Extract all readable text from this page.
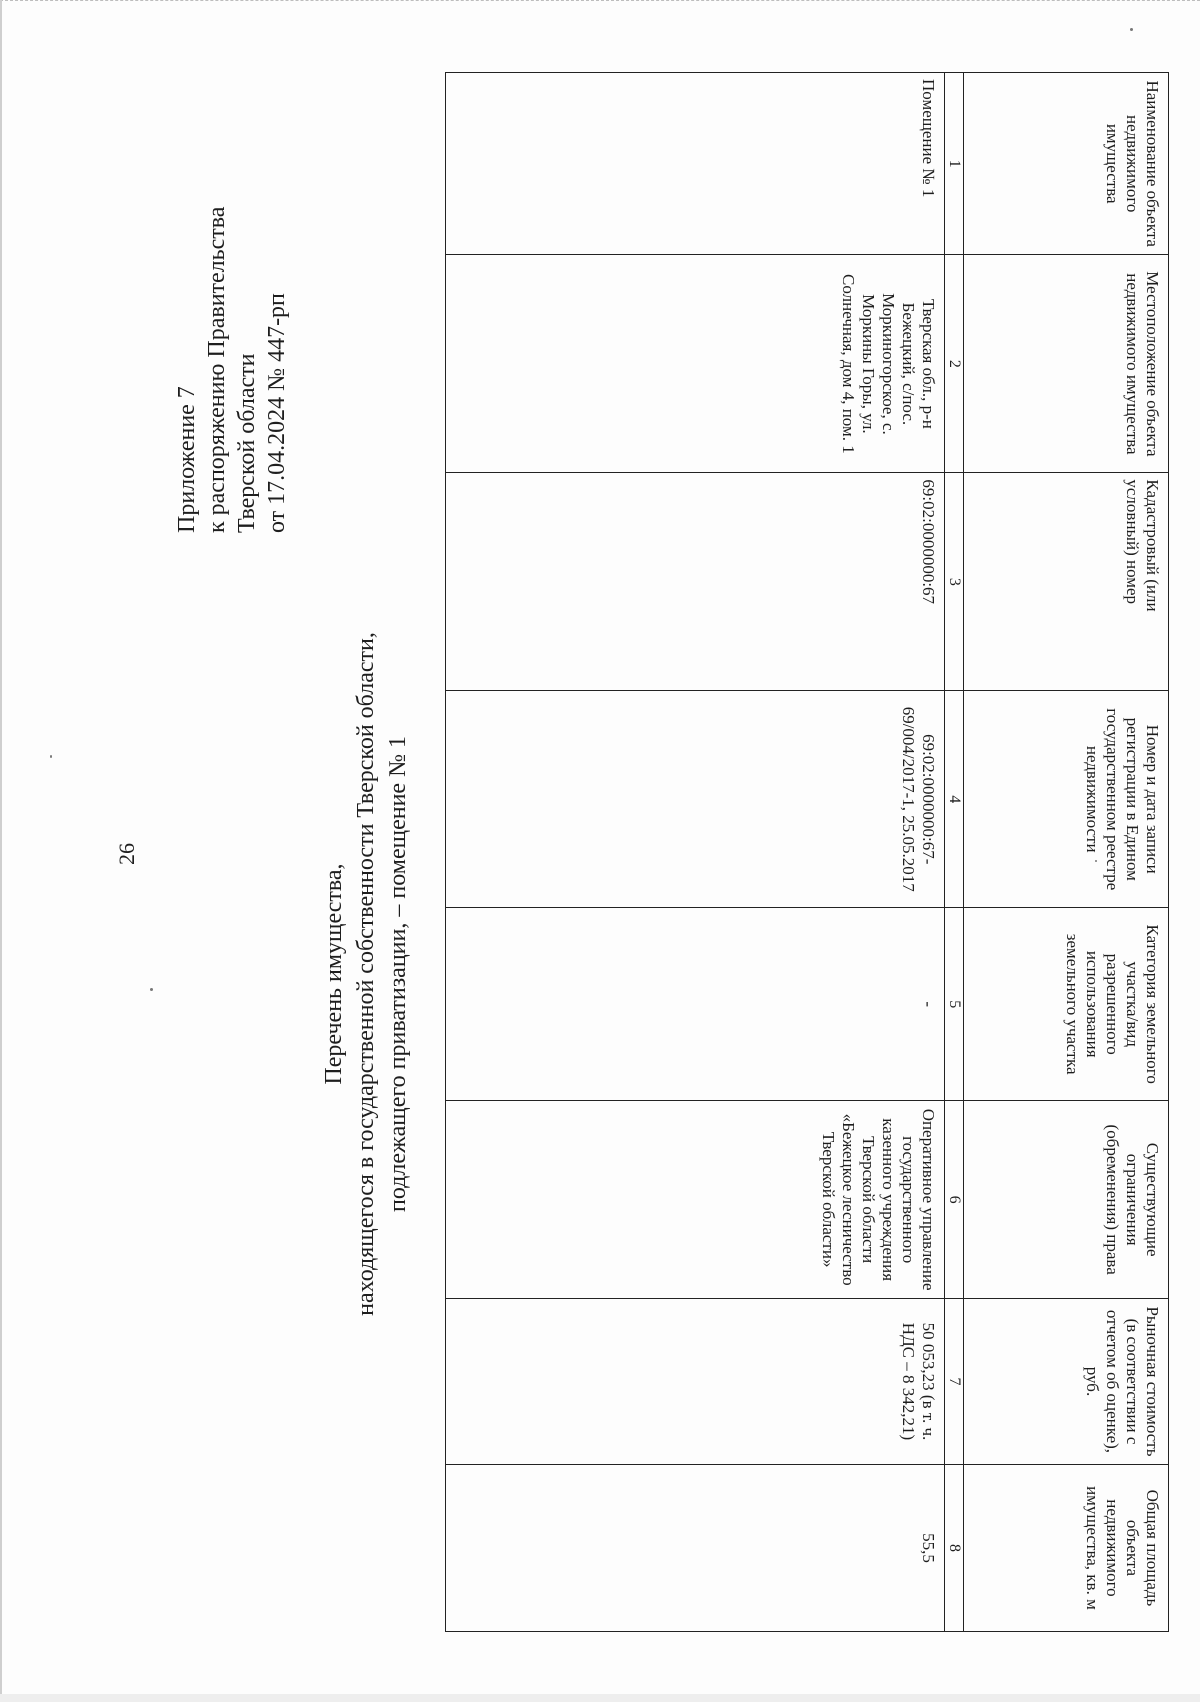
26
Приложение 7 к распоряжению Правительства Тверской области от 17.04.2024 № 447-рп
Перечень имущества, находящегося в государственной собственности Тверской области, подлежащего приватизации, – помещение № 1
Наименование объекта недвижимого имущества	Местоположение объекта недвижимого имущества	Кадастровый (или условный) номер	Номер и дата записи регистрации в Едином государственном реестре недвижимости	Категория земельного участка/вид разрешенного использования земельного участка	Существующие ограничения (обременения) права	Рыночная стоимость (в соответствии с отчетом об оценке), руб.	Общая площадь объекта недвижимого имущества, кв. м
1	2	3	4	5	6	7	8
Помещение № 1	Тверская обл., р-н Бежецкий, с/пос. Моркиногорское, с. Моркины Горы, ул. Солнечная, дом 4, пом. 1	69:02:0000000:67	69:02:0000000:67-69/004/2017-1, 25.05.2017	-	Оперативное управление государственного казенного учреждения Тверской области «Бежецкое лесничество Тверской области»	50 053,23 (в т. ч. НДС – 8 342,21)	55,5
